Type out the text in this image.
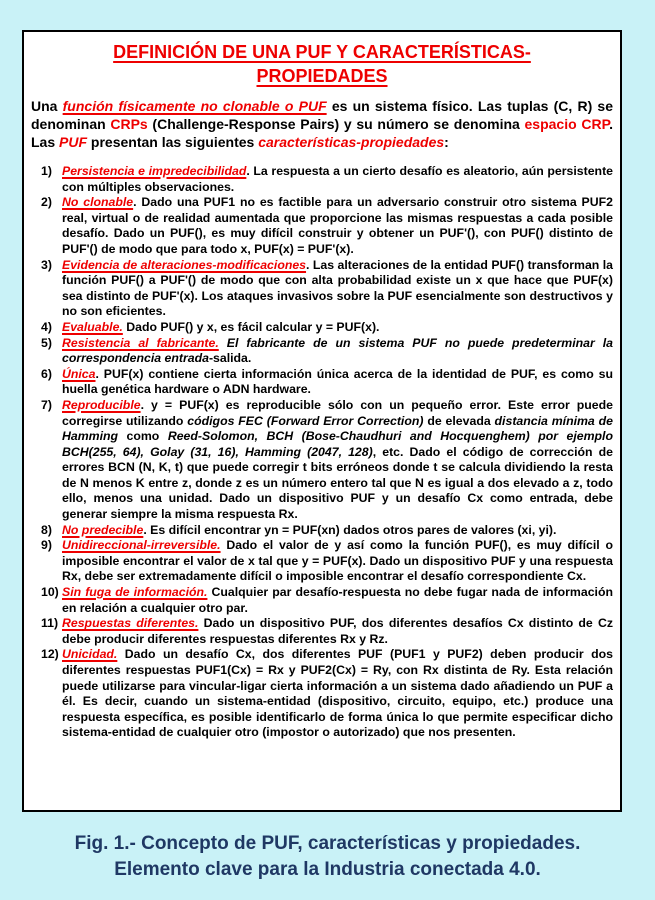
DEFINICIÓN DE UNA PUF Y CARACTERÍSTICAS-
PROPIEDADES

Una función físicamente no clonable o PUF es un sistema físico. Las tuplas (C, R) se denominan CRPs (Challenge-Response Pairs) y su número se denomina espacio CRP. Las PUF presentan las siguientes características-propiedades:

1) Persistencia e impredecibilidad. La respuesta a un cierto desafío es aleatorio, aún persistente con múltiples observaciones.
2) No clonable. Dado una PUF1 no es factible para un adversario construir otro sistema PUF2 real, virtual o de realidad aumentada que proporcione las mismas respuestas a cada posible desafío. Dado un PUF(), es muy difícil construir y obtener un PUF'(), con PUF() distinto de PUF'() de modo que para todo x, PUF(x) = PUF'(x).
3) Evidencia de alteraciones-modificaciones. Las alteraciones de la entidad PUF() transforman la función PUF() a PUF'() de modo que con alta probabilidad existe un x que hace que PUF(x) sea distinto de PUF'(x). Los ataques invasivos sobre la PUF esencialmente son destructivos y no son eficientes.
4) Evaluable. Dado PUF() y x, es fácil calcular y = PUF(x).
5) Resistencia al fabricante. El fabricante de un sistema PUF no puede predeterminar la correspondencia entrada-salida.
6) Única. PUF(x) contiene cierta información única acerca de la identidad de PUF, es como su huella genética hardware o ADN hardware.
7) Reproducible. y = PUF(x) es reproducible sólo con un pequeño error. Este error puede corregirse utilizando códigos FEC (Forward Error Correction) de elevada distancia mínima de Hamming como Reed-Solomon, BCH (Bose-Chaudhuri and Hocquenghem) por ejemplo BCH(255, 64), Golay (31, 16), Hamming (2047, 128), etc. Dado el código de corrección de errores BCN (N, K, t) que puede corregir t bits erróneos donde t se calcula dividiendo la resta de N menos K entre z, donde z es un número entero tal que N es igual a dos elevado a z, todo ello, menos una unidad. Dado un dispositivo PUF y un desafío Cx como entrada, debe generar siempre la misma respuesta Rx.
8) No predecible. Es difícil encontrar yn = PUF(xn) dados otros pares de valores (xi, yi).
9) Unidireccional-irreversible. Dado el valor de y así como la función PUF(), es muy difícil o imposible encontrar el valor de x tal que y = PUF(x). Dado un dispositivo PUF y una respuesta Rx, debe ser extremadamente difícil o imposible encontrar el desafío correspondiente Cx.
10) Sin fuga de información. Cualquier par desafío-respuesta no debe fugar nada de información en relación a cualquier otro par.
11) Respuestas diferentes. Dado un dispositivo PUF, dos diferentes desafíos Cx distinto de Cz debe producir diferentes respuestas diferentes Rx y Rz.
12) Unicidad. Dado un desafío Cx, dos diferentes PUF (PUF1 y PUF2) deben producir dos diferentes respuestas PUF1(Cx) = Rx y PUF2(Cx) = Ry, con Rx distinta de Ry. Esta relación puede utilizarse para vincular-ligar cierta información a un sistema dado añadiendo un PUF a él. Es decir, cuando un sistema-entidad (dispositivo, circuito, equipo, etc.) produce una respuesta específica, es posible identificarlo de forma única lo que permite especificar dicho sistema-entidad de cualquier otro (impostor o autorizado) que nos presenten.
Fig. 1.- Concepto de PUF, características y propiedades.
Elemento clave para la Industria conectada 4.0.
